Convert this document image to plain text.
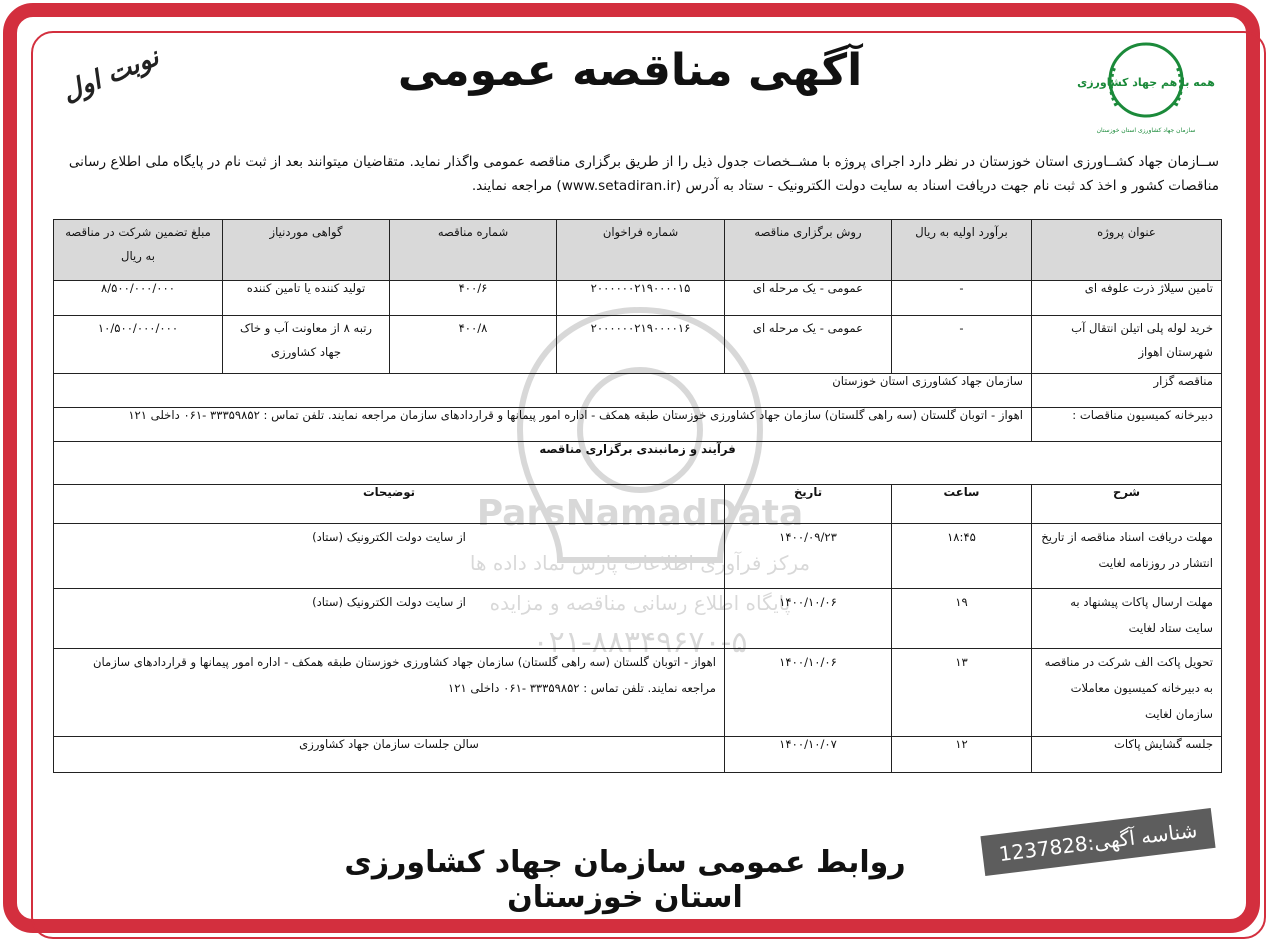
همه با هم جهاد کشاورزی
سازمان جهاد کشاورزی استان خوزستان
نوبت اول	آگهی مناقصه عمومی
ســازمان جهاد کشــاورزی استان خوزستان در نظر دارد اجرای پروژه با مشــخصات جدول ذیل را از طریق برگزاری مناقصه عمومی واگذار نماید. متقاضیان میتوانند بعد از ثبت نام در پایگاه ملی اطلاع رسانی مناقصات کشور و اخذ کد ثبت نام جهت دریافت اسناد به سایت دولت الکترونیک - ستاد به آدرس (www.setadiran.ir) مراجعه نمایند.
عنوان پروژه	برآورد اولیه به ریال	روش برگزاری مناقصه	شماره فراخوان	شماره مناقصه	گواهی موردنیاز	مبلغ تضمین شرکت در مناقصه به ریال
تامین سیلاژ ذرت علوفه ای	-	عمومی - یک مرحله ای	۲۰۰۰۰۰۰۲۱۹۰۰۰۰۱۵	۴۰۰/۶	تولید کننده یا تامین کننده	۸/۵۰۰/۰۰۰/۰۰۰
خرید لوله پلی اتیلن انتقال آب شهرستان اهواز	-	عمومی - یک مرحله ای	۲۰۰۰۰۰۰۲۱۹۰۰۰۰۱۶	۴۰۰/۸	رتبه ۸ از معاونت آب و خاک جهاد کشاورزی	۱۰/۵۰۰/۰۰۰/۰۰۰
مناقصه گزار	سازمان جهاد کشاورزی استان خوزستان					
دبیرخانه کمیسیون مناقصات :	اهواز - اتوبان گلستان (سه راهی گلستان) سازمان جهاد کشاورزی خوزستان طبقه همکف - اداره امور پیمانها و قراردادهای سازمان مراجعه نمایند. تلفن تماس : ۳۳۳۵۹۸۵۲ -۰۶۱ داخلی ۱۲۱					
فرآیند و زمانبندی برگزاری مناقصه						
شرح	ساعت	تاریخ	توضیحات			
مهلت دریافت اسناد مناقصه از تاریخ انتشار در روزنامه لغایت	۱۸:۴۵	۱۴۰۰/۰۹/۲۳	از سایت دولت الکترونیک (ستاد)			
مهلت ارسال پاکات پیشنهاد به سایت ستاد لغایت	۱۹	۱۴۰۰/۱۰/۰۶	از سایت دولت الکترونیک (ستاد)			
تحویل پاکت الف شرکت در مناقصه به دبیرخانه کمیسیون معاملات سازمان لغایت	۱۳	۱۴۰۰/۱۰/۰۶	اهواز - اتوبان گلستان (سه راهی گلستان) سازمان جهاد کشاورزی خوزستان طبقه همکف - اداره امور پیمانها و قراردادهای سازمان مراجعه نمایند. تلفن تماس : ۳۳۳۵۹۸۵۲ -۰۶۱ داخلی ۱۲۱			
جلسه گشایش پاکات	۱۲	۱۴۰۰/۱۰/۰۷	سالن جلسات سازمان جهاد کشاورزی			
شناسه آگهی:1237828
روابط عمومی سازمان جهاد کشاورزی استان خوزستان
